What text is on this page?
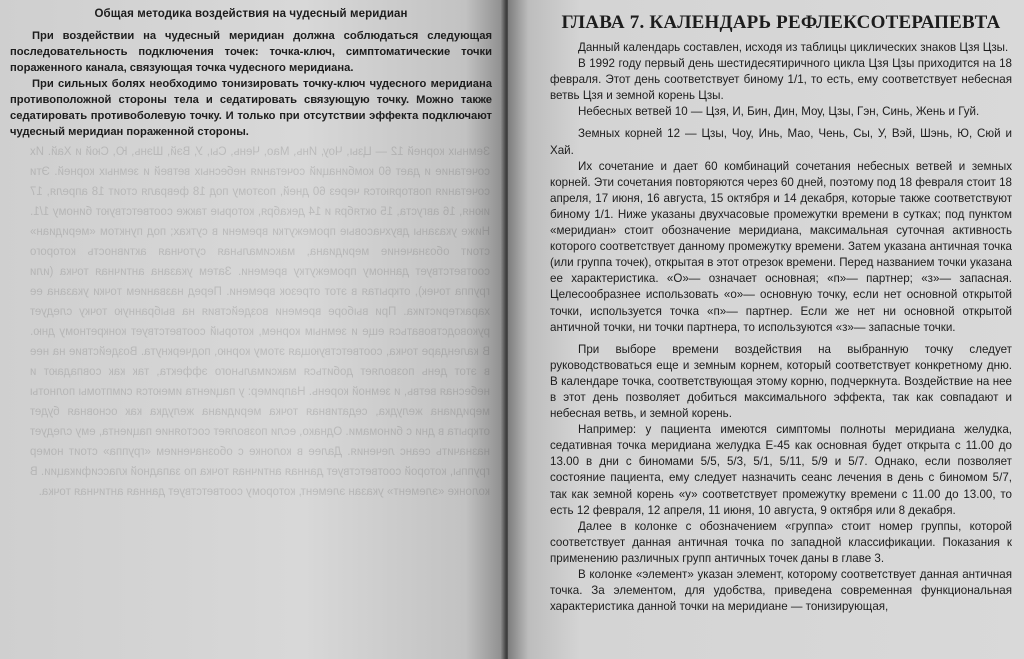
Земных корней 12 — Цзы, Чоу, Инь, Мао, Чень, Сы, У, Вэй, Шэнь, Ю, Сюй и Хай. Их сочетание и дает 60 комбинаций сочетания небесных ветвей и земных корней. Эти сочетания повторяются через 60 дней, поэтому под 18 февраля стоит 18 апреля, 17 июня, 16 августа, 15 октября и 14 декабря, которые также соответствуют биному 1/1. Ниже указаны двухчасовые промежутки времени в сутках; под пунктом «меридиан» стоит обозначение меридиана, максимальная суточная активность которого соответствует данному промежутку времени. Затем указана античная точка (или группа точек), открытая в этот отрезок времени. Перед названием точки указана ее характеристика. При выборе времени воздействия на выбранную точку следует руководствоваться еще и земным корнем, который соответствует конкретному дню. В календаре точка, соответствующая этому корню, подчеркнута. Воздействие на нее в этот день позволяет добиться максимального эффекта, так как совпадают и небесная ветвь, и земной корень. Например: у пациента имеются симптомы полноты меридиана желудка, седативная точка меридиана желудка как основная будет открыта в дни с биномами. Однако, если позволяет состояние пациента, ему следует назначить сеанс лечения. Далее в колонке с обозначением «группа» стоит номер группы, которой соответствует данная античная точка по западной классификации. В колонке «элемент» указан элемент, которому соответствует данная античная точка.
Общая методика воздействия на чудесный меридиан

При воздействии на чудесный меридиан должна соблюдаться следующая последовательность подключения точек: точка-ключ, симптоматические точки пораженного канала, связующая точка чудесного меридиана.

При сильных болях необходимо тонизировать точку-ключ чудесного меридиана противоположной стороны тела и седатировать связующую точку. Можно также седатировать противоболевую точку. И только при отсутствии эффекта подключают чудесный меридиан пораженной стороны.

ГЛАВА 7. КАЛЕНДАРЬ РЕФЛЕКСОТЕРАПЕВТА

Данный календарь составлен, исходя из таблицы циклических знаков Цзя Цзы.

В 1992 году первый день шестидесятиричного цикла Цзя Цзы приходится на 18 февраля. Этот день соответствует биному 1/1, то есть, ему соответствует небесная ветвь Цзя и земной корень Цзы.

Небесных ветвей 10 — Цзя, И, Бин, Дин, Моу, Цзы, Гэн, Синь, Жень и Гуй.

Земных корней 12 — Цзы, Чоу, Инь, Мао, Чень, Сы, У, Вэй, Шэнь, Ю, Сюй и Хай.

Их сочетание и дает 60 комбинаций сочетания небесных ветвей и земных корней. Эти сочетания повторяются через 60 дней, поэтому под 18 февраля стоит 18 апреля, 17 июня, 16 августа, 15 октября и 14 декабря, которые также соответствуют биному 1/1. Ниже указаны двухчасовые промежутки времени в сутках; под пунктом «меридиан» стоит обозначение меридиана, максимальная суточная активность которого соответствует данному промежутку времени. Затем указана античная точка (или группа точек), открытая в этот отрезок времени. Перед названием точки указана ее характеристика. «О»— означает основная; «п»— партнер; «з»— запасная. Целесообразнее использовать «о»— основную точку, если нет основной открытой точки, используется точка «п»— партнер. Если же нет ни основной открытой античной точки, ни точки партнера, то используются «з»— запасные точки.

При выборе времени воздействия на выбранную точку следует руководствоваться еще и земным корнем, который соответствует конкретному дню. В календаре точка, соответствующая этому корню, подчеркнута. Воздействие на нее в этот день позволяет добиться максимального эффекта, так как совпадают и небесная ветвь, и земной корень.

Например: у пациента имеются симптомы полноты меридиана желудка, седативная точка меридиана желудка Е-45 как основная будет открыта с 11.00 до 13.00 в дни с биномами 5/5, 5/3, 5/1, 5/11, 5/9 и 5/7. Однако, если позволяет состояние пациента, ему следует назначить сеанс лечения в день с биномом 5/7, так как земной корень «у» соответствует промежутку времени с 11.00 до 13.00, то есть 12 февраля, 12 апреля, 11 июня, 10 августа, 9 октября или 8 декабря.

Далее в колонке с обозначением «группа» стоит номер группы, которой соответствует данная античная точка по западной классификации. Показания к применению различных групп античных точек даны в главе 3.

В колонке «элемент» указан элемент, которому соответствует данная античная точка. За элементом, для удобства, приведена современная функциональная характеристика данной точки на меридиане — тонизирующая,
